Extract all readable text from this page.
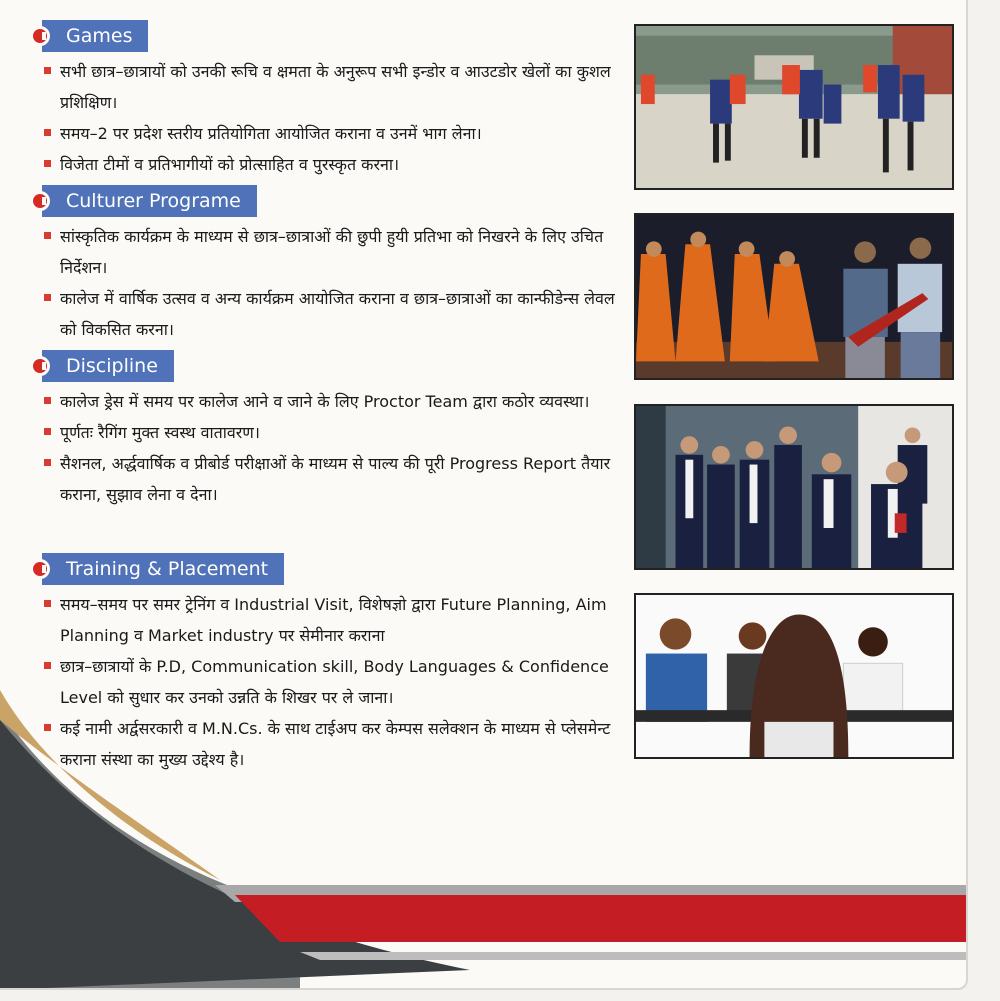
Games
सभी छात्र–छात्रायों को उनकी रूचि व क्षमता के अनुरूप सभी इन्डोर व आउटडोर खेलों का कुशल प्रशिक्षिण।
समय–2 पर प्रदेश स्तरीय प्रतियोगिता आयोजित कराना व उनमें भाग लेना।
विजेता टीमों व प्रतिभागीयों को प्रोत्साहित व पुरस्कृत करना।
Culturer Programe
सांस्कृतिक कार्यक्रम के माध्यम से छात्र–छात्राओं की छुपी हुयी प्रतिभा को निखरने के लिए उचित निर्देशन।
कालेज में वार्षिक उत्सव व अन्य कार्यक्रम आयोजित कराना व छात्र–छात्राओं का कान्फीडेन्स लेवल को विकसित करना।
Discipline
कालेज ड्रेस में समय पर कालेज आने व जाने के लिए Proctor Team द्वारा कठोर व्यवस्था।
पूर्णतः रैगिंग मुक्त स्वस्थ वातावरण।
सैशनल, अर्द्धवार्षिक व प्रीबोर्ड परीक्षाओं के माध्यम से पाल्य की पूरी Progress Report तैयार कराना, सुझाव लेना व देना।
Training & Placement
समय–समय पर समर ट्रेनिंग व Industrial Visit, विशेषज्ञो द्वारा Future Planning, Aim Planning व Market industry पर सेमीनार कराना
छात्र–छात्रायों के P.D, Communication skill, Body Languages & Confidence Level को सुधार कर उनको उन्नति के शिखर पर ले जाना।
कई नामी अर्द्वसरकारी व M.N.Cs. के साथ टाईअप कर केम्पस सलेक्शन के माध्यम से प्लेसमेन्ट कराना संस्था का मुख्य उद्देश्य है।
